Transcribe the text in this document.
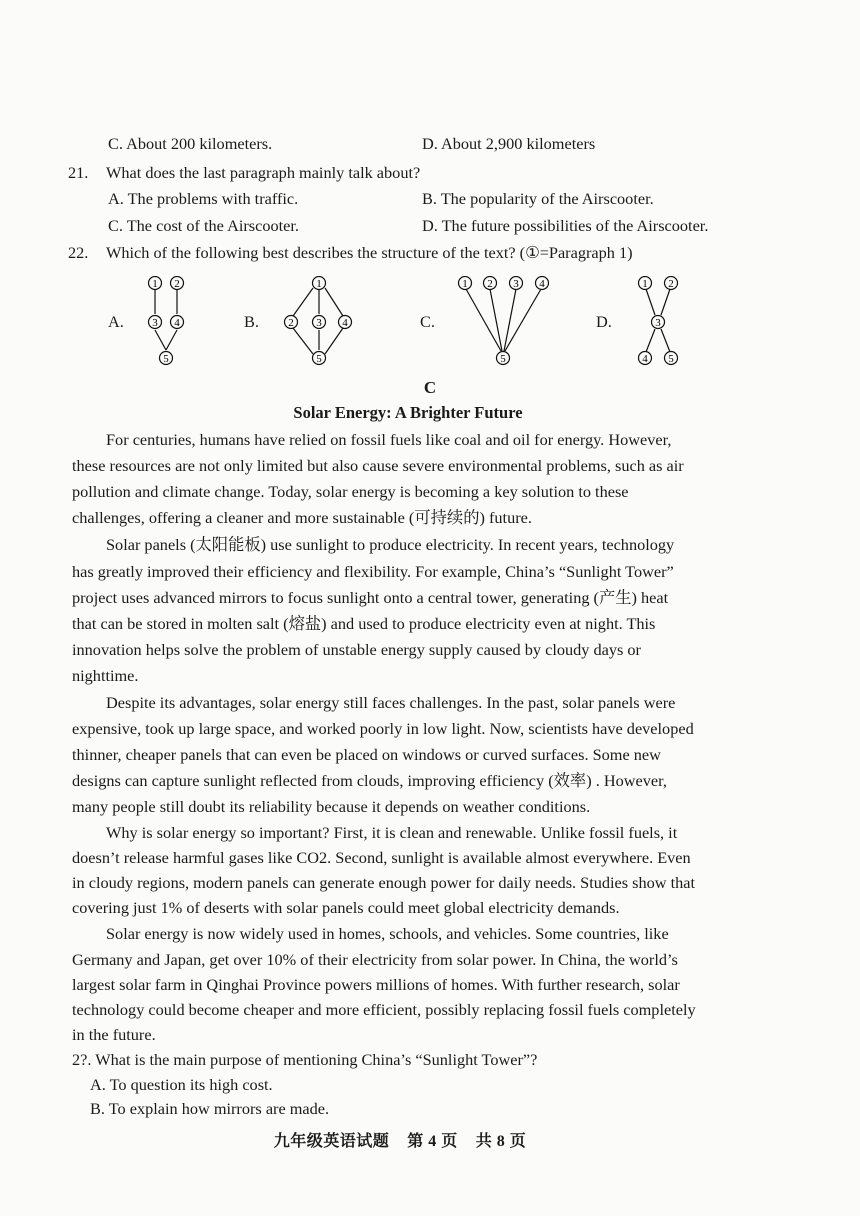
C. About 200 kilometers.	D. About 2,900 kilometers
21. What does the last paragraph mainly talk about?
A. The problems with traffic.	B. The popularity of the Airscooter.
C. The cost of the Airscooter.	D. The future possibilities of the Airscooter.
22. Which of the following best describes the structure of the text? (①=Paragraph 1)
A.	B.	C.	D.
1 2
3 4
5
1
2 3 4
5
1 2 3 4
5
1 2
3
4 5
C
Solar Energy: A Brighter Future
For centuries, humans have relied on fossil fuels like coal and oil for energy. However,
these resources are not only limited but also cause severe environmental problems, such as air
pollution and climate change. Today, solar energy is becoming a key solution to these
challenges, offering a cleaner and more sustainable (可持续的) future.
Solar panels (太阳能板) use sunlight to produce electricity. In recent years, technology
has greatly improved their efficiency and flexibility. For example, China’s “Sunlight Tower”
project uses advanced mirrors to focus sunlight onto a central tower, generating (产生) heat
that can be stored in molten salt (熔盐) and used to produce electricity even at night. This
innovation helps solve the problem of unstable energy supply caused by cloudy days or
nighttime.
Despite its advantages, solar energy still faces challenges. In the past, solar panels were
expensive, took up large space, and worked poorly in low light. Now, scientists have developed
thinner, cheaper panels that can even be placed on windows or curved surfaces. Some new
designs can capture sunlight reflected from clouds, improving efficiency (效率) . However,
many people still doubt its reliability because it depends on weather conditions.
Why is solar energy so important? First, it is clean and renewable. Unlike fossil fuels, it
doesn’t release harmful gases like CO2. Second, sunlight is available almost everywhere. Even
in cloudy regions, modern panels can generate enough power for daily needs. Studies show that
covering just 1% of deserts with solar panels could meet global electricity demands.
Solar energy is now widely used in homes, schools, and vehicles. Some countries, like
Germany and Japan, get over 10% of their electricity from solar power. In China, the world’s
largest solar farm in Qinghai Province powers millions of homes. With further research, solar
technology could become cheaper and more efficient, possibly replacing fossil fuels completely
in the future.
2?. What is the main purpose of mentioning China’s “Sunlight Tower”?
A. To question its high cost.
B. To explain how mirrors are made.
九年级英语试题    第 4 页    共 8 页
